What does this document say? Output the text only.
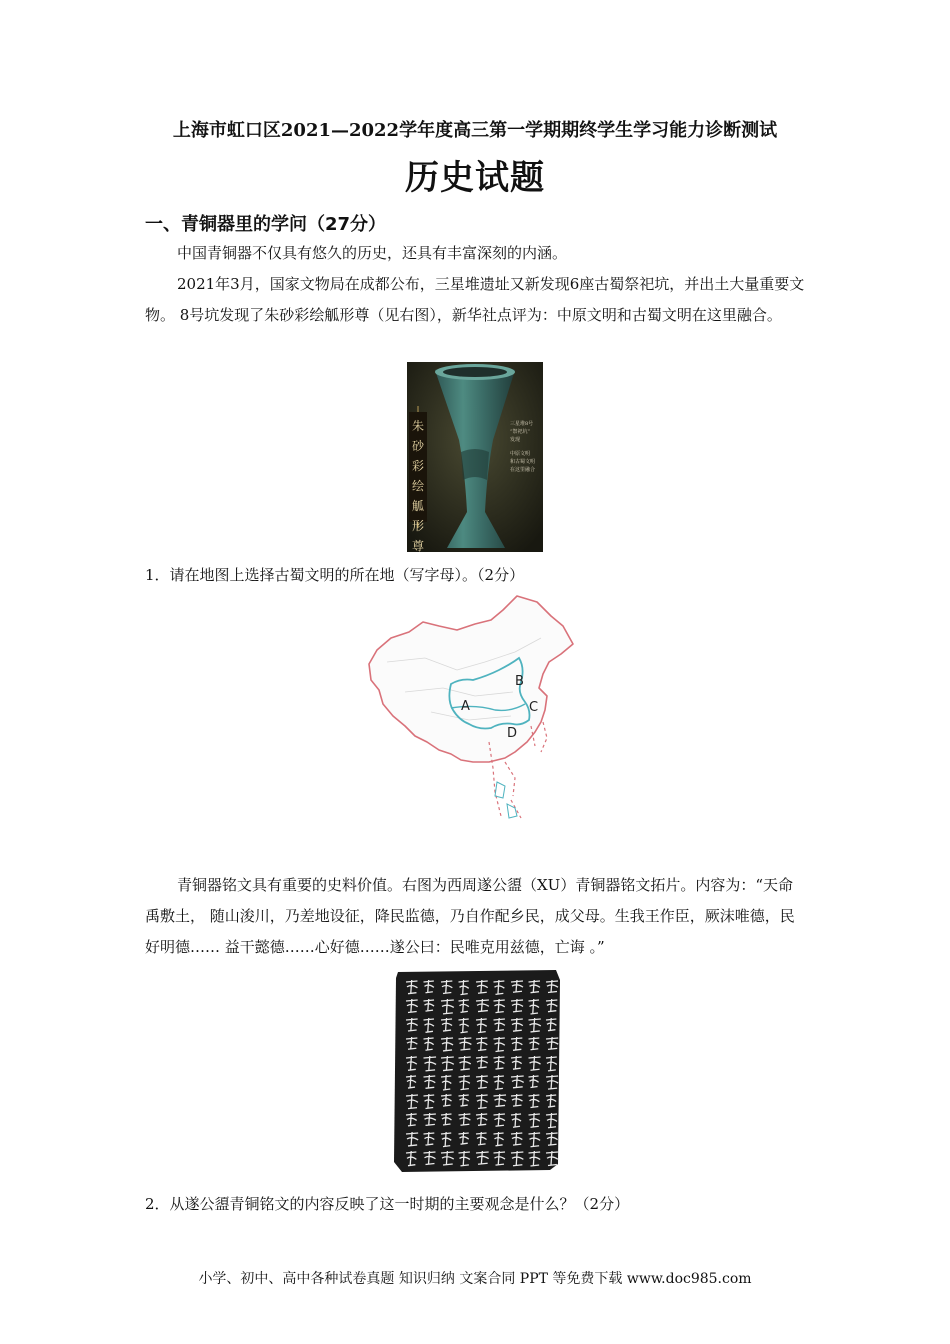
上海市虹口区2021—2022学年度高三第一学期期终学生学习能力诊断测试
历史试题
一、青铜器里的学问（27分）
中国青铜器不仅具有悠久的历史，还具有丰富深刻的内涵。
2021年3月，国家文物局在成都公布，三星堆遗址又新发现6座古蜀祭祀坑，并出土大量重要文物。 8号坑发现了朱砂彩绘觚形尊（见右图），新华社点评为：中原文明和古蜀文明在这里融合。
朱砂彩绘觚形尊
三星堆8号
“祭祀坑”
发现
中原文明
和古蜀文明
在这里融合
1．请在地图上选择古蜀文明的所在地（写字母）。（2分）
A
B
C
D
青铜器铭文具有重要的史料价值。右图为西周遂公盨（XU）青铜器铭文拓片。内容为：“天命禹敷土， 随山浚川，乃差地设征，降民监德，乃自作配乡民，成父母。生我王作臣，厥沫唯德，民好明德…… 益干懿德……心好德……遂公曰：民唯克用兹德，亡诲 。”
2．从遂公盨青铜铭文的内容反映了这一时期的主要观念是什么？（2分）
小学、初中、高中各种试卷真题 知识归纳 文案合同 PPT 等免费下载 www.doc985.com
